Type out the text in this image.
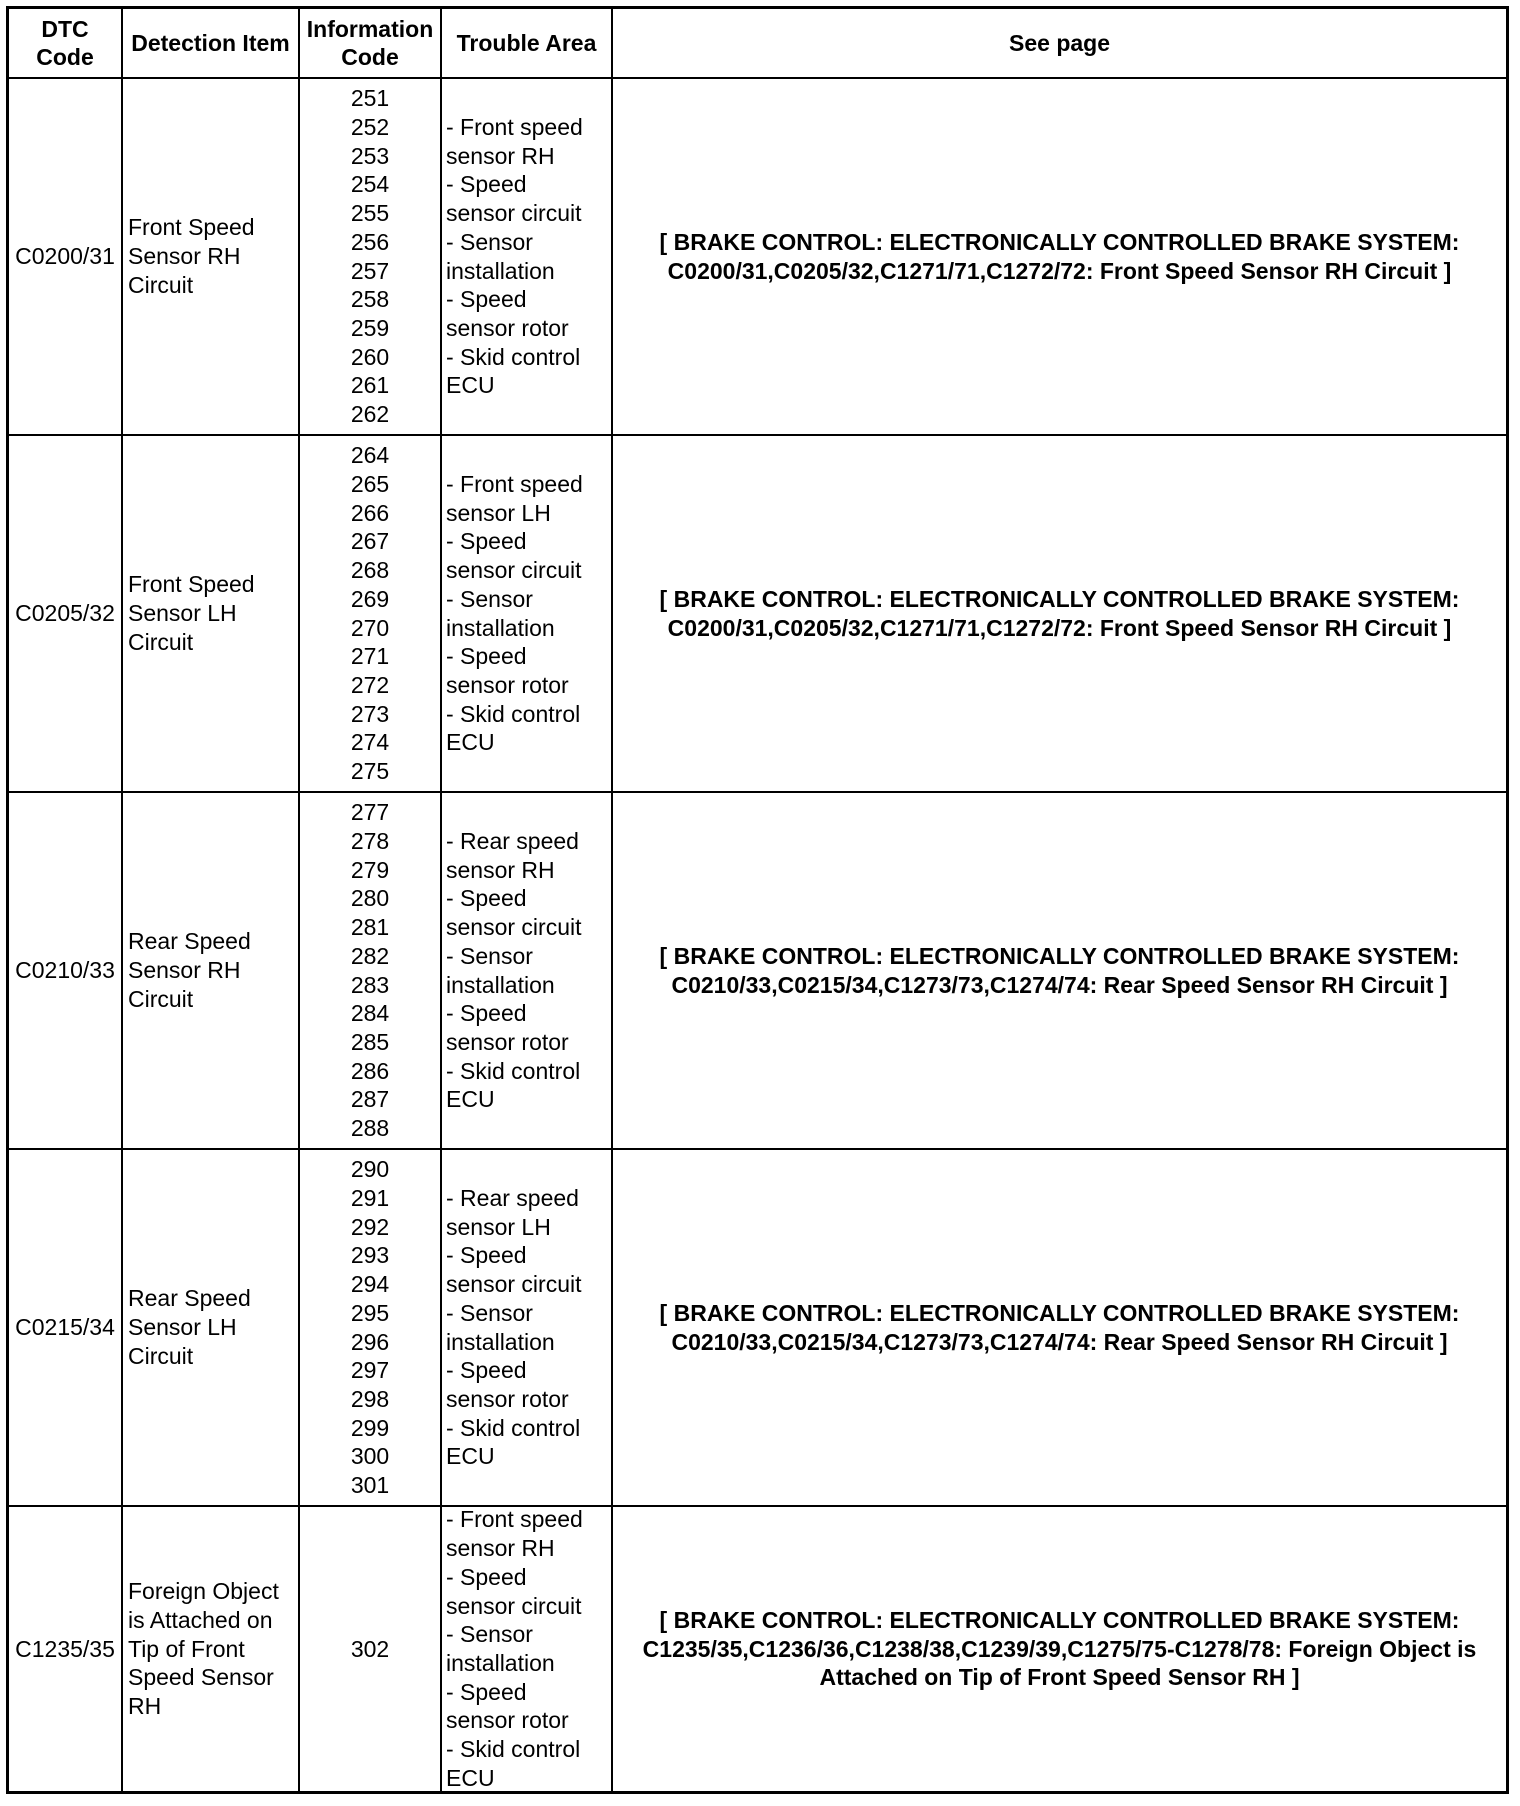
DTC
Code
Detection Item
Information
Code
Trouble Area	See page
C0200/31
Front Speed
Sensor RH
Circuit
251
252
253
254
255
256
257
258
259
260
261
262
- Front speed
sensor RH
- Speed
sensor circuit
- Sensor
installation
- Speed
sensor rotor
- Skid control
ECU
[ BRAKE CONTROL: ELECTRONICALLY CONTROLLED BRAKE SYSTEM:
C0200/31,C0205/32,C1271/71,C1272/72: Front Speed Sensor RH Circuit ]
C0205/32
Front Speed
Sensor LH
Circuit
264
265
266
267
268
269
270
271
272
273
274
275
- Front speed
sensor LH
- Speed
sensor circuit
- Sensor
installation
- Speed
sensor rotor
- Skid control
ECU
[ BRAKE CONTROL: ELECTRONICALLY CONTROLLED BRAKE SYSTEM:
C0200/31,C0205/32,C1271/71,C1272/72: Front Speed Sensor RH Circuit ]
C0210/33
Rear Speed
Sensor RH
Circuit
277
278
279
280
281
282
283
284
285
286
287
288
- Rear speed
sensor RH
- Speed
sensor circuit
- Sensor
installation
- Speed
sensor rotor
- Skid control
ECU
[ BRAKE CONTROL: ELECTRONICALLY CONTROLLED BRAKE SYSTEM:
C0210/33,C0215/34,C1273/73,C1274/74: Rear Speed Sensor RH Circuit ]
C0215/34
Rear Speed
Sensor LH
Circuit
290
291
292
293
294
295
296
297
298
299
300
301
- Rear speed
sensor LH
- Speed
sensor circuit
- Sensor
installation
- Speed
sensor rotor
- Skid control
ECU
[ BRAKE CONTROL: ELECTRONICALLY CONTROLLED BRAKE SYSTEM:
C0210/33,C0215/34,C1273/73,C1274/74: Rear Speed Sensor RH Circuit ]
C1235/35
Foreign Object
is Attached on
Tip of Front
Speed Sensor
RH
302
- Front speed
sensor RH
- Speed
sensor circuit
- Sensor
installation
- Speed
sensor rotor
- Skid control
ECU
[ BRAKE CONTROL: ELECTRONICALLY CONTROLLED BRAKE SYSTEM:
C1235/35,C1236/36,C1238/38,C1239/39,C1275/75-C1278/78: Foreign Object is
Attached on Tip of Front Speed Sensor RH ]
